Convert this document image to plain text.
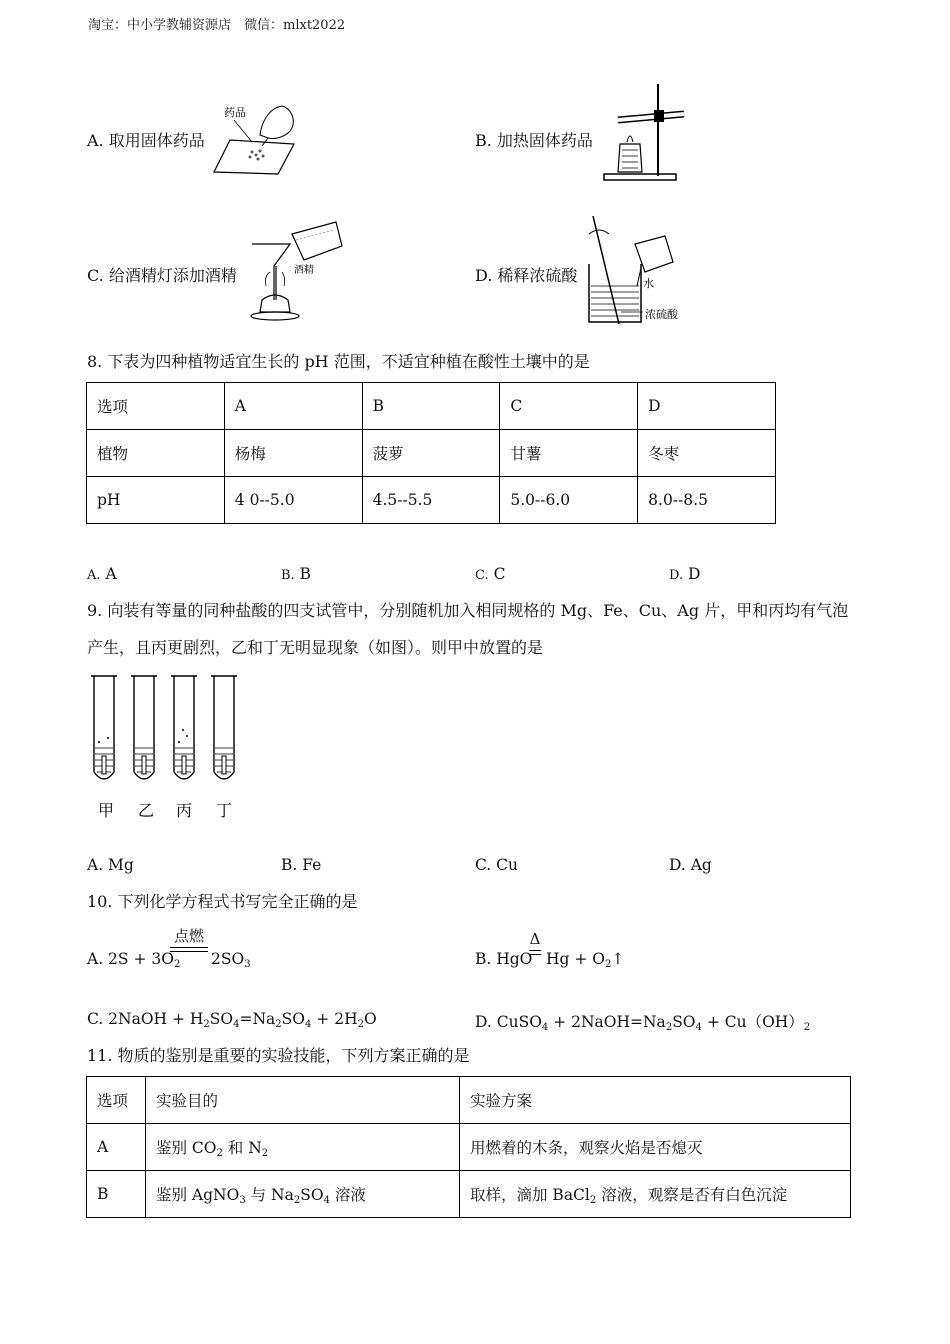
淘宝：中小学教辅资源店　微信：mlxt2022
A. 取用固体药品
药品
B. 加热固体药品
C. 给酒精灯添加酒精	酒精	D. 稀释浓硫酸	水
浓硫酸
8. 下表为四种植物适宜生长的 pH 范围，不适宜种植在酸性土壤中的是
选项	A	B	C	D
植物	杨梅	菠萝	甘薯	冬枣
pH	4 0--5.0	4.5--5.5	5.0--6.0	8.0--8.5
A. A	B. B	C. C	D. D
9. 向装有等量的同种盐酸的四支试管中，分别随机加入相同规格的 Mg、Fe、Cu、Ag 片，甲和丙均有气泡
产生，且丙更剧烈，乙和丁无明显现象（如图）。则甲中放置的是
甲 乙 丙 丁
A. Mg	B. Fe	C. Cu	D. Ag
10. 下列化学方程式书写完全正确的是
A. $2S + 3O_2$
点燃
$2SO_3$	B. HgO
Δ
$Hg + O_2↑$
C. 2NaOH + $H_2SO_4=Na_2SO_4 + 2H_2O$	D. CuSO$_4$ + $2NaOH=Na_2SO_4 + Cu(OH)_2$
11. 物质的鉴别是重要的实验技能，下列方案正确的是
选项	实验目的	实验方案
A	鉴别 $CO_2$ 和 $N_2$	用燃着的木条，观察火焰是否熄灭
B	鉴别 AgNO$_3$ 与 $Na_2SO_4$ 溶液	取样，滴加 BaCl$_2$ 溶液，观察是否有白色沉淀
